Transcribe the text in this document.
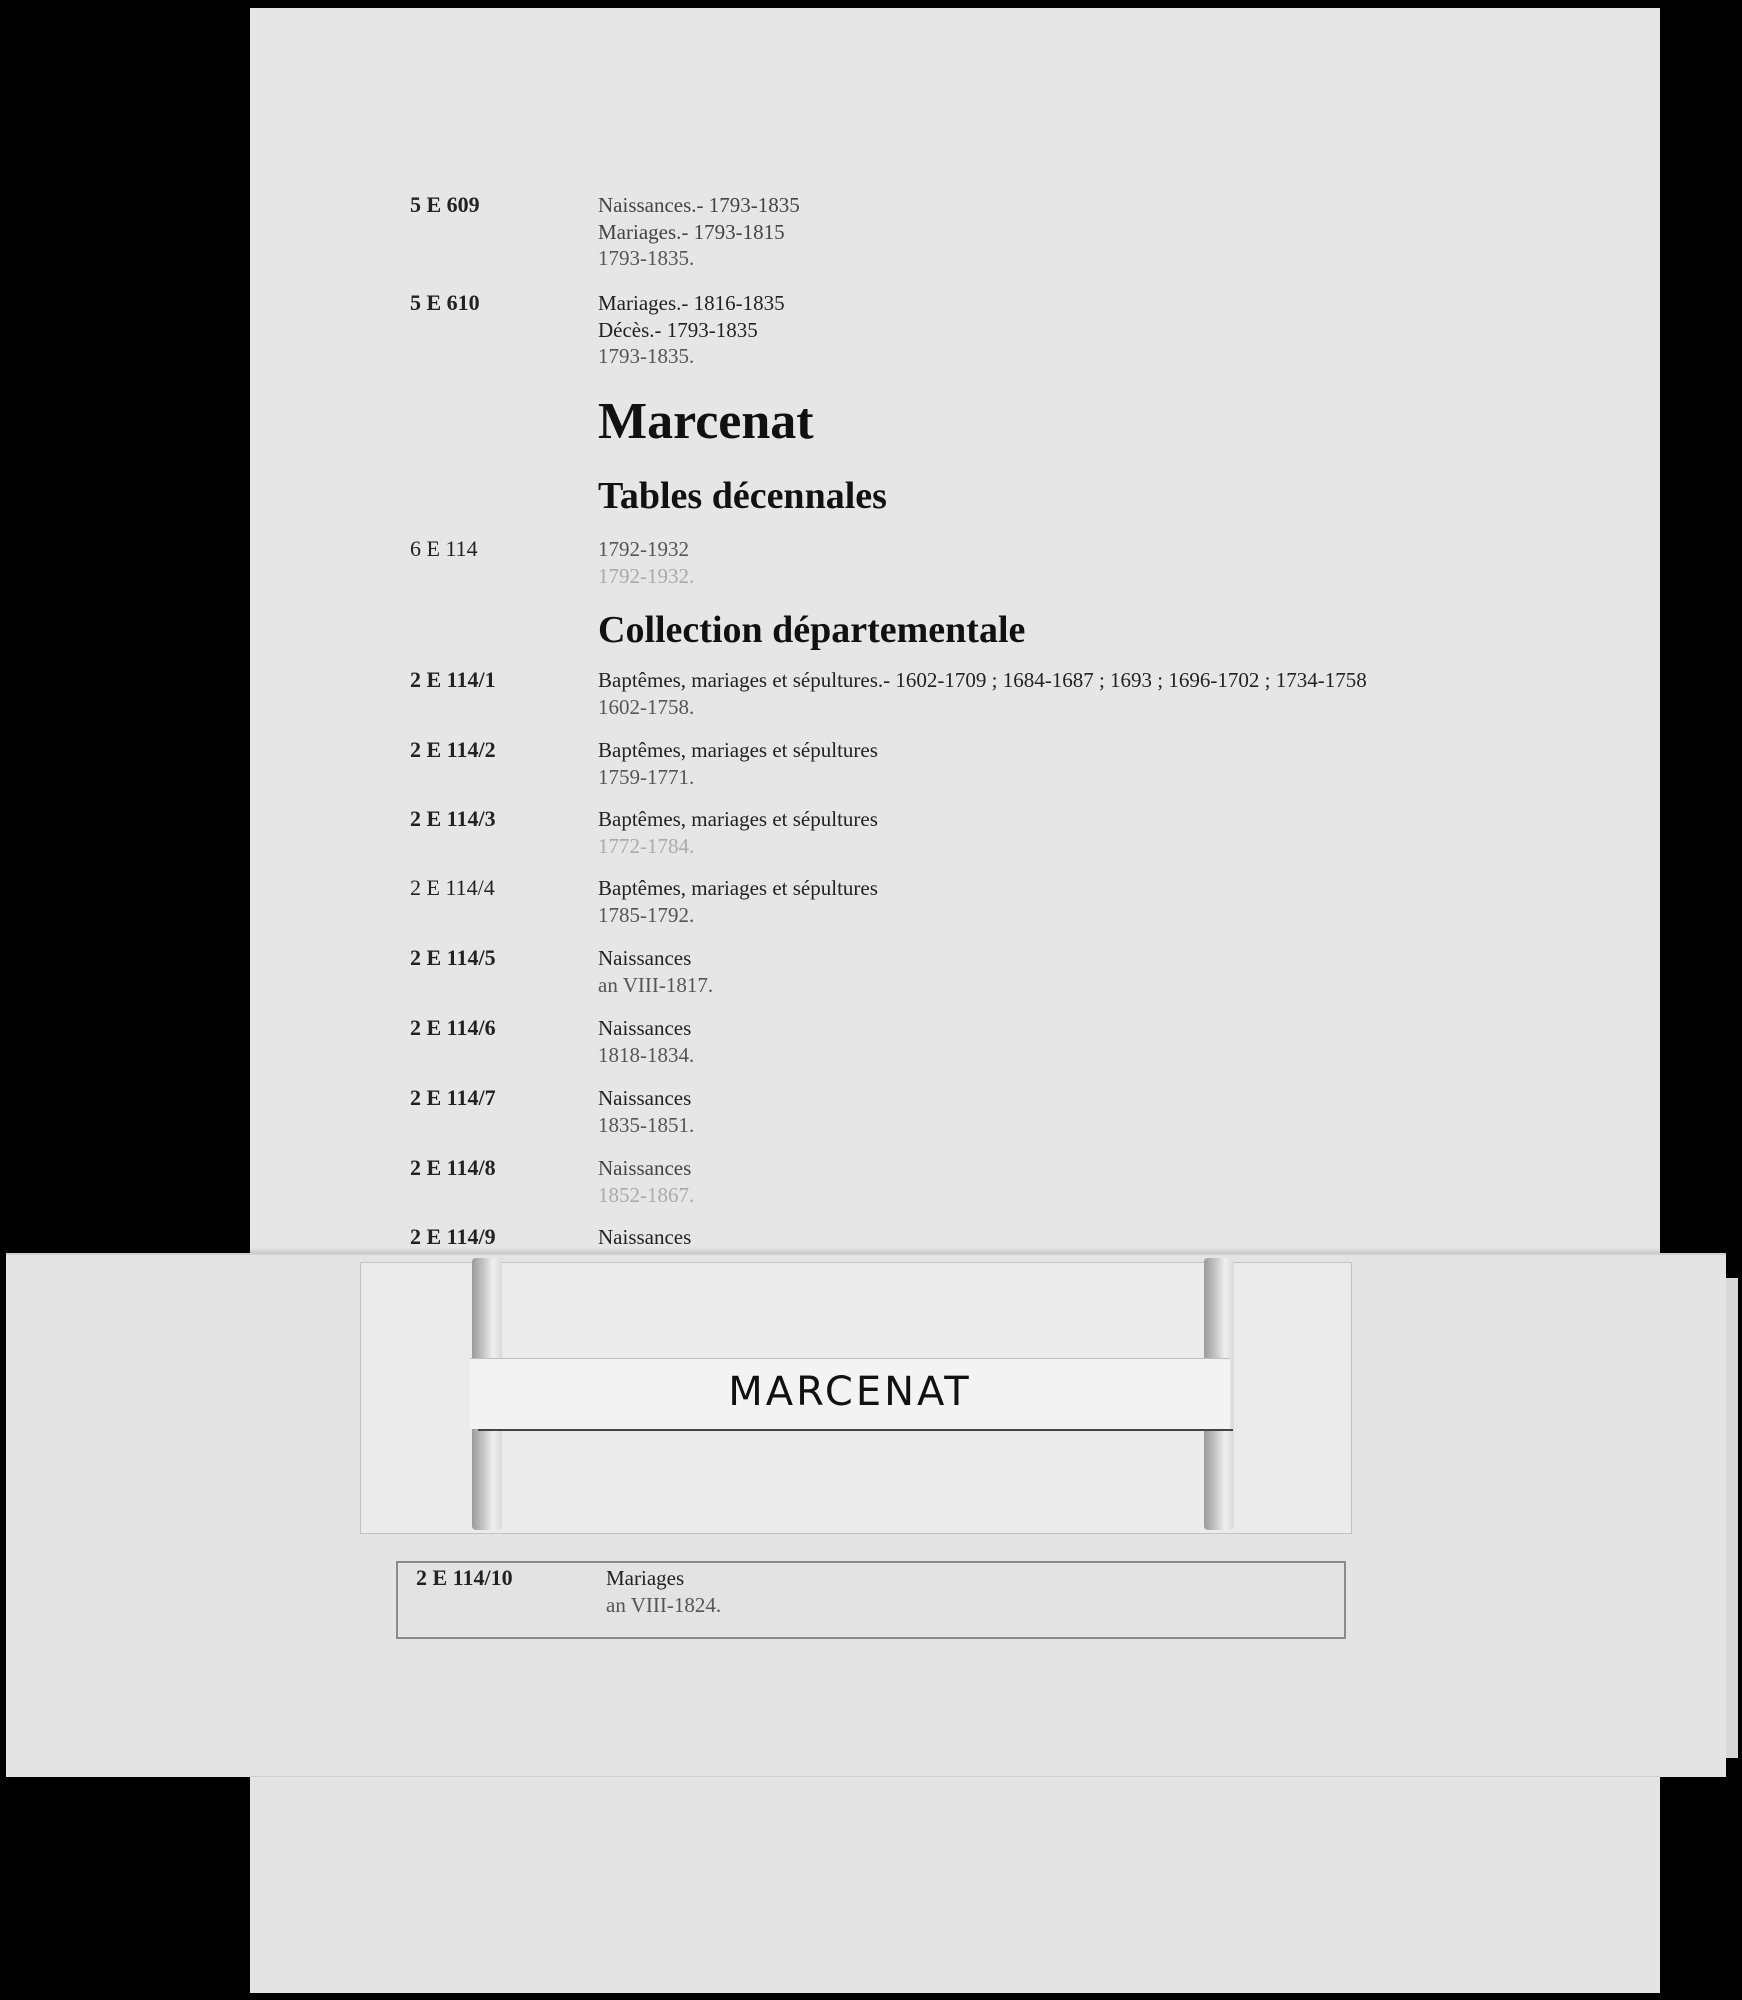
5 E 609	Naissances.- 1793-1835
Mariages.- 1793-1815
1793-1835.
5 E 610	Mariages.- 1816-1835
Décès.- 1793-1835
1793-1835.
Marcenat
Tables décennales
6 E 114	1792-1932
1792-1932.
Collection départementale
2 E 114/1	Baptêmes, mariages et sépultures.- 1602-1709 ; 1684-1687 ; 1693 ; 1696-1702 ; 1734-1758
1602-1758.
2 E 114/2	Baptêmes, mariages et sépultures
1759-1771.
2 E 114/3	Baptêmes, mariages et sépultures
1772-1784.
2 E 114/4	Baptêmes, mariages et sépultures
1785-1792.
2 E 114/5	Naissances
an VIII-1817.
2 E 114/6	Naissances
1818-1834.
2 E 114/7	Naissances
1835-1851.
2 E 114/8	Naissances
1852-1867.
2 E 114/9	Naissances
MARCENAT
2 E 114/10	Mariages
an VIII-1824.
